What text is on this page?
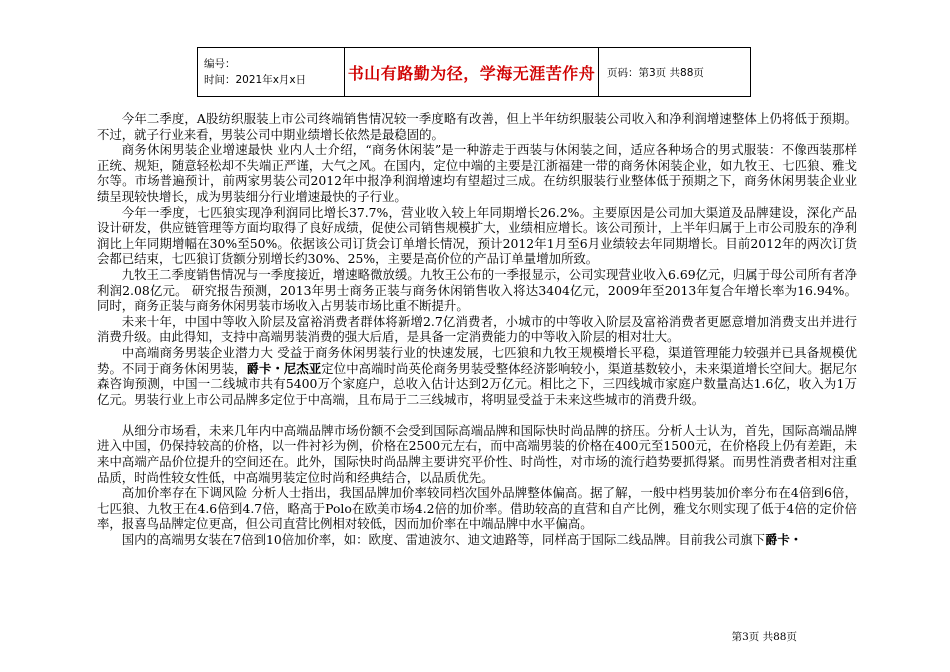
编号：
时间：2021年x月x日	书山有路勤为径，学海无涯苦作舟 页码：第3页 共88页

今年二季度，A股纺织服装上市公司终端销售情况较一季度略有改善，但上半年纺织服装公司收入和净利润增速整体上仍将低于预期。不过，就子行业来看，男装公司中期业绩增长依然是最稳固的。

商务休闲男装企业增速最快 业内人士介绍，“商务休闲装”是一种游走于西装与休闲装之间，适应各种场合的男式服装：不像西装那样正统、规矩，随意轻松却不失端正严谨，大气之风。在国内，定位中端的主要是江浙福建一带的商务休闲装企业，如九牧王、七匹狼、雅戈尔等。市场普遍预计，前两家男装公司2012年中报净利润增速均有望超过三成。在纺织服装行业整体低于预期之下，商务休闲男装企业业绩呈现较快增长，成为男装细分行业增速最快的子行业。

今年一季度，七匹狼实现净利润同比增长37.7%，营业收入较上年同期增长26.2%。主要原因是公司加大渠道及品牌建设，深化产品设计研发，供应链管理等方面均取得了良好成绩，促使公司销售规模扩大，业绩相应增长。该公司预计，上半年归属于上市公司股东的净利润比上年同期增幅在30%至50%。依据该公司订货会订单增长情况，预计2012年1月至6月业绩较去年同期增长。目前2012年的两次订货会都已结束，七匹狼订货额分别增长约30%、25%，主要是高价位的产品订单量增加所致。

九牧王二季度销售情况与一季度接近，增速略微放缓。九牧王公布的一季报显示，公司实现营业收入6.69亿元，归属于母公司所有者净利润2.08亿元。 研究报告预测，2013年男士商务正装与商务休闲销售收入将达3404亿元，2009年至2013年复合年增长率为16.94%。同时，商务正装与商务休闲男装市场收入占男装市场比重不断提升。

未来十年，中国中等收入阶层及富裕消费者群体将新增2.7亿消费者，小城市的中等收入阶层及富裕消费者更愿意增加消费支出并进行消费升级。由此得知，支持中高端男装消费的强大后盾，是具备一定消费能力的中等收入阶层的相对壮大。

中高端商务男装企业潜力大 受益于商务休闲男装行业的快速发展，七匹狼和九牧王规模增长平稳，渠道管理能力较强并已具备规模优势。不同于商务休闲男装，爵卡・尼杰亚定位中高端时尚英伦商务男装受整体经济影响较小，渠道基数较小，未来渠道增长空间大。据尼尔森咨询预测，中国一二线城市共有5400万个家庭户，总收入估计达到2万亿元。相比之下，三四线城市家庭户数量高达1.6亿，收入为1万亿元。男装行业上市公司品牌多定位于中高端，且布局于二三线城市，将明显受益于未来这些城市的消费升级。

从细分市场看，未来几年内中高端品牌市场份额不会受到国际高端品牌和国际快时尚品牌的挤压。分析人士认为，首先，国际高端品牌进入中国，仍保持较高的价格，以一件衬衫为例，价格在2500元左右，而中高端男装的价格在400元至1500元，在价格段上仍有差距，未来中高端产品价位提升的空间还在。此外，国际快时尚品牌主要讲究平价性、时尚性，对市场的流行趋势要抓得紧。而男性消费者相对注重品质，时尚性较女性低，中高端男装定位时尚和经典结合，以品质优先。

高加价率存在下调风险 分析人士指出，我国品牌加价率较同档次国外品牌整体偏高。据了解，一般中档男装加价率分布在4倍到6倍，七匹狼、九牧王在4.6倍到4.7倍，略高于Polo在欧美市场4.2倍的加价率。借助较高的直营和自产比例，雅戈尔则实现了低于4倍的定价倍率，报喜鸟品牌定位更高，但公司直营比例相对较低，因而加价率在中端品牌中水平偏高。

国内的高端男女装在7倍到10倍加价率，如：欧度、雷迪波尔、迪文迪路等，同样高于国际二线品牌。目前我公司旗下爵卡・

第3页 共88页
